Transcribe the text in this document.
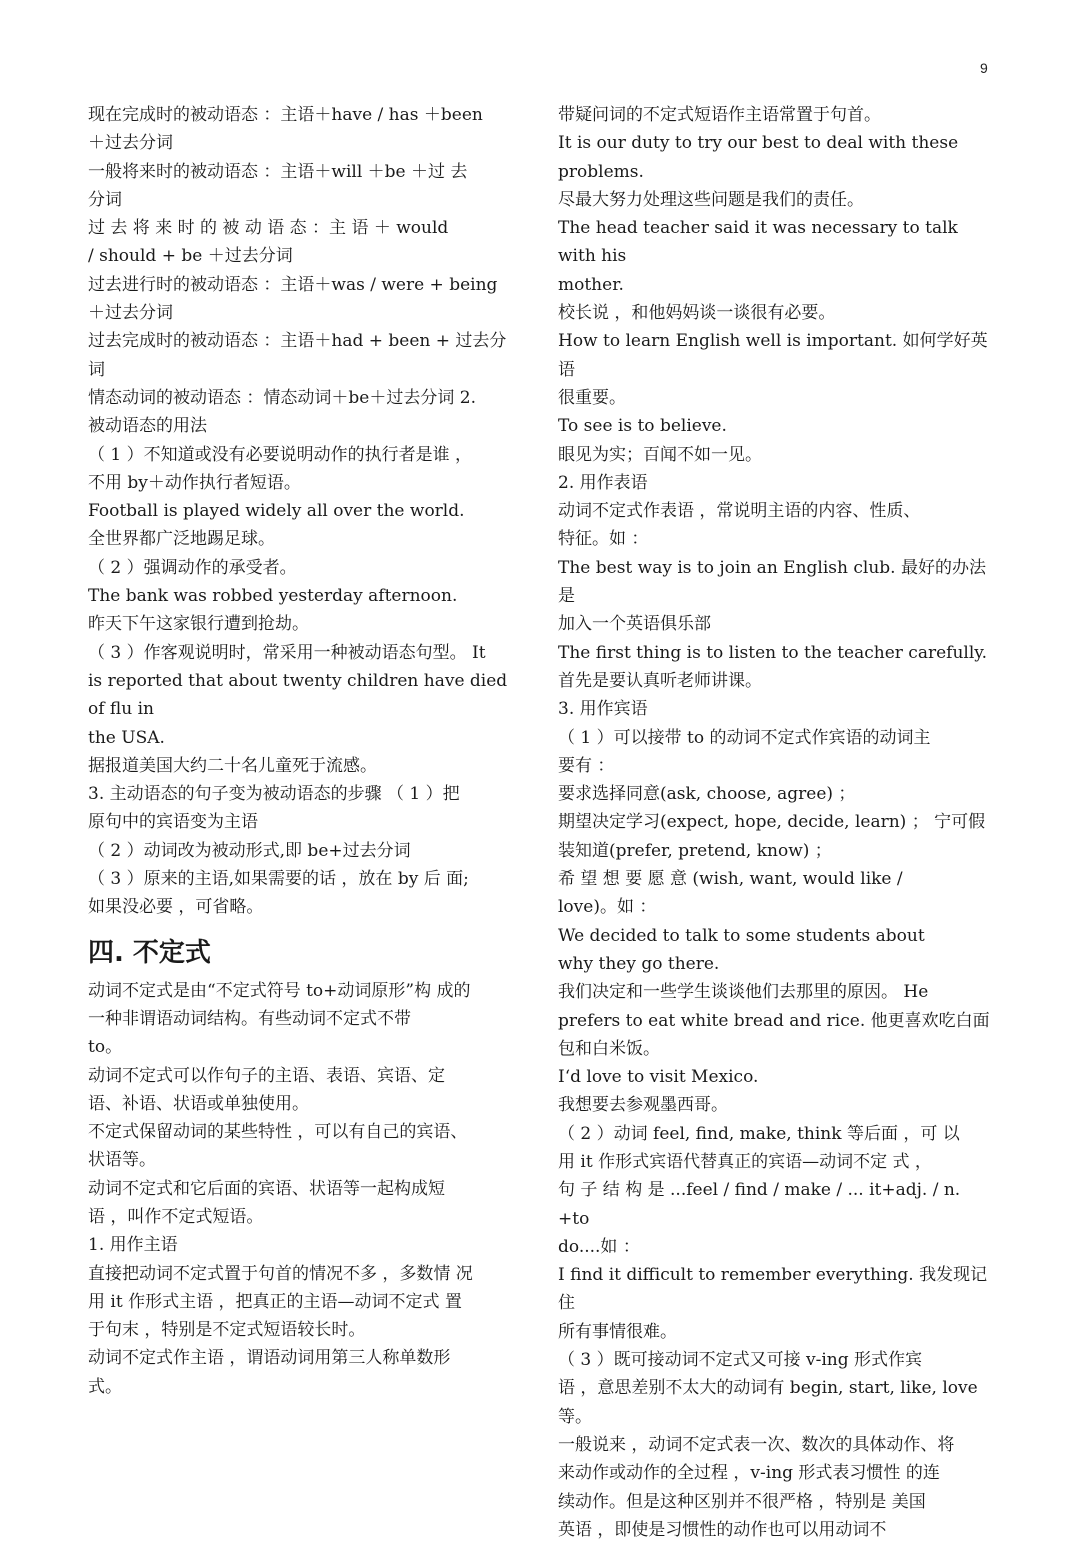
9

现在完成时的被动语态 ：主语＋have / has ＋been

＋过去分词

一般将来时的被动语态 ：主语＋will ＋be ＋过 去

分词

过 去 将 来 时 的 被 动 语 态 ：主 语 ＋ would

/ should + be ＋过去分词

过去进行时的被动语态 ：主语＋was / were + being

＋过去分词

过去完成时的被动语态 ：主语＋had + been + 过去分

词

情态动词的被动语态 ：情态动词＋be＋过去分词 2.

被动语态的用法

（ 1 ）不知道或没有必要说明动作的执行者是谁 ，

不用 by＋动作执行者短语。

Football is played widely all over the world.

全世界都广泛地踢足球。

（ 2 ）强调动作的承受者。

The bank was robbed yesterday afternoon.

昨天下午这家银行遭到抢劫。

（ 3 ）作客观说明时，常采用一种被动语态句型。 It

is reported that about twenty children have died of flu in

the USA.

据报道美国大约二十名儿童死于流感。

3. 主动语态的句子变为被动语态的步骤 （ 1 ）把

原句中的宾语变为主语

（ 2 ）动词改为被动形式,即 be+过去分词

（ 3 ）原来的主语,如果需要的话 ，放在 by 后 面;

如果没必要 ，可省略。

四. 不定式

动词不定式是由“不定式符号 to+动词原形”构 成的

一种非谓语动词结构。有些动词不定式不带

to。

动词不定式可以作句子的主语、表语、宾语、定

语、补语、状语或单独使用。

不定式保留动词的某些特性 ，可以有自己的宾语、

状语等。

动词不定式和它后面的宾语、状语等一起构成短

语 ，叫作不定式短语。

1. 用作主语

直接把动词不定式置于句首的情况不多 ，多数情 况

用 it 作形式主语 ，把真正的主语—动词不定式 置

于句末 ，特别是不定式短语较长时。

动词不定式作主语 ，谓语动词用第三人称单数形

式。

带疑问词的不定式短语作主语常置于句首。

It is our duty to try our best to deal with these problems.

尽最大努力处理这些问题是我们的责任。

The head teacher said it was necessary to talk with his

mother.

校长说 ，和他妈妈谈一谈很有必要。

How to learn English well is important. 如何学好英语

很重要。

To see is to believe.

眼见为实；百闻不如一见。

2. 用作表语

动词不定式作表语 ，常说明主语的内容、性质、

特征。如 ：

The best way is to join an English club. 最好的办法是

加入一个英语俱乐部

The first thing is to listen to the teacher carefully.

首先是要认真听老师讲课。

3. 用作宾语

（ 1 ）可以接带 to 的动词不定式作宾语的动词主

要有 ：

要求选择同意(ask, choose, agree) ；

期望决定学习(expect, hope, decide, learn) ； 宁可假

装知道(prefer, pretend, know) ；

希 望 想 要 愿 意 (wish, want, would like /

love)。如 ：

We decided to talk to some students about

why they go there.

我们决定和一些学生谈谈他们去那里的原因。 He

prefers to eat white bread and rice. 他更喜欢吃白面

包和白米饭。

I‘d love to visit Mexico.

我想要去参观墨西哥。

（ 2 ）动词 feel, find, make, think 等后面 ，可 以

用 it 作形式宾语代替真正的宾语—动词不定 式 ，

句 子 结 构 是 ...feel / find / make / ... it+adj. / n. +to

do....如 ：

I find it difficult to remember everything. 我发现记住

所有事情很难。

（ 3 ）既可接动词不定式又可接 v-ing 形式作宾

语 ，意思差别不太大的动词有 begin, start, like, love

等。

一般说来 ，动词不定式表一次、数次的具体动作、将

来动作或动作的全过程 ，v-ing 形式表习惯性 的连

续动作。但是这种区别并不很严格 ，特别是 美国

英语 ，即使是习惯性的动作也可以用动词不
